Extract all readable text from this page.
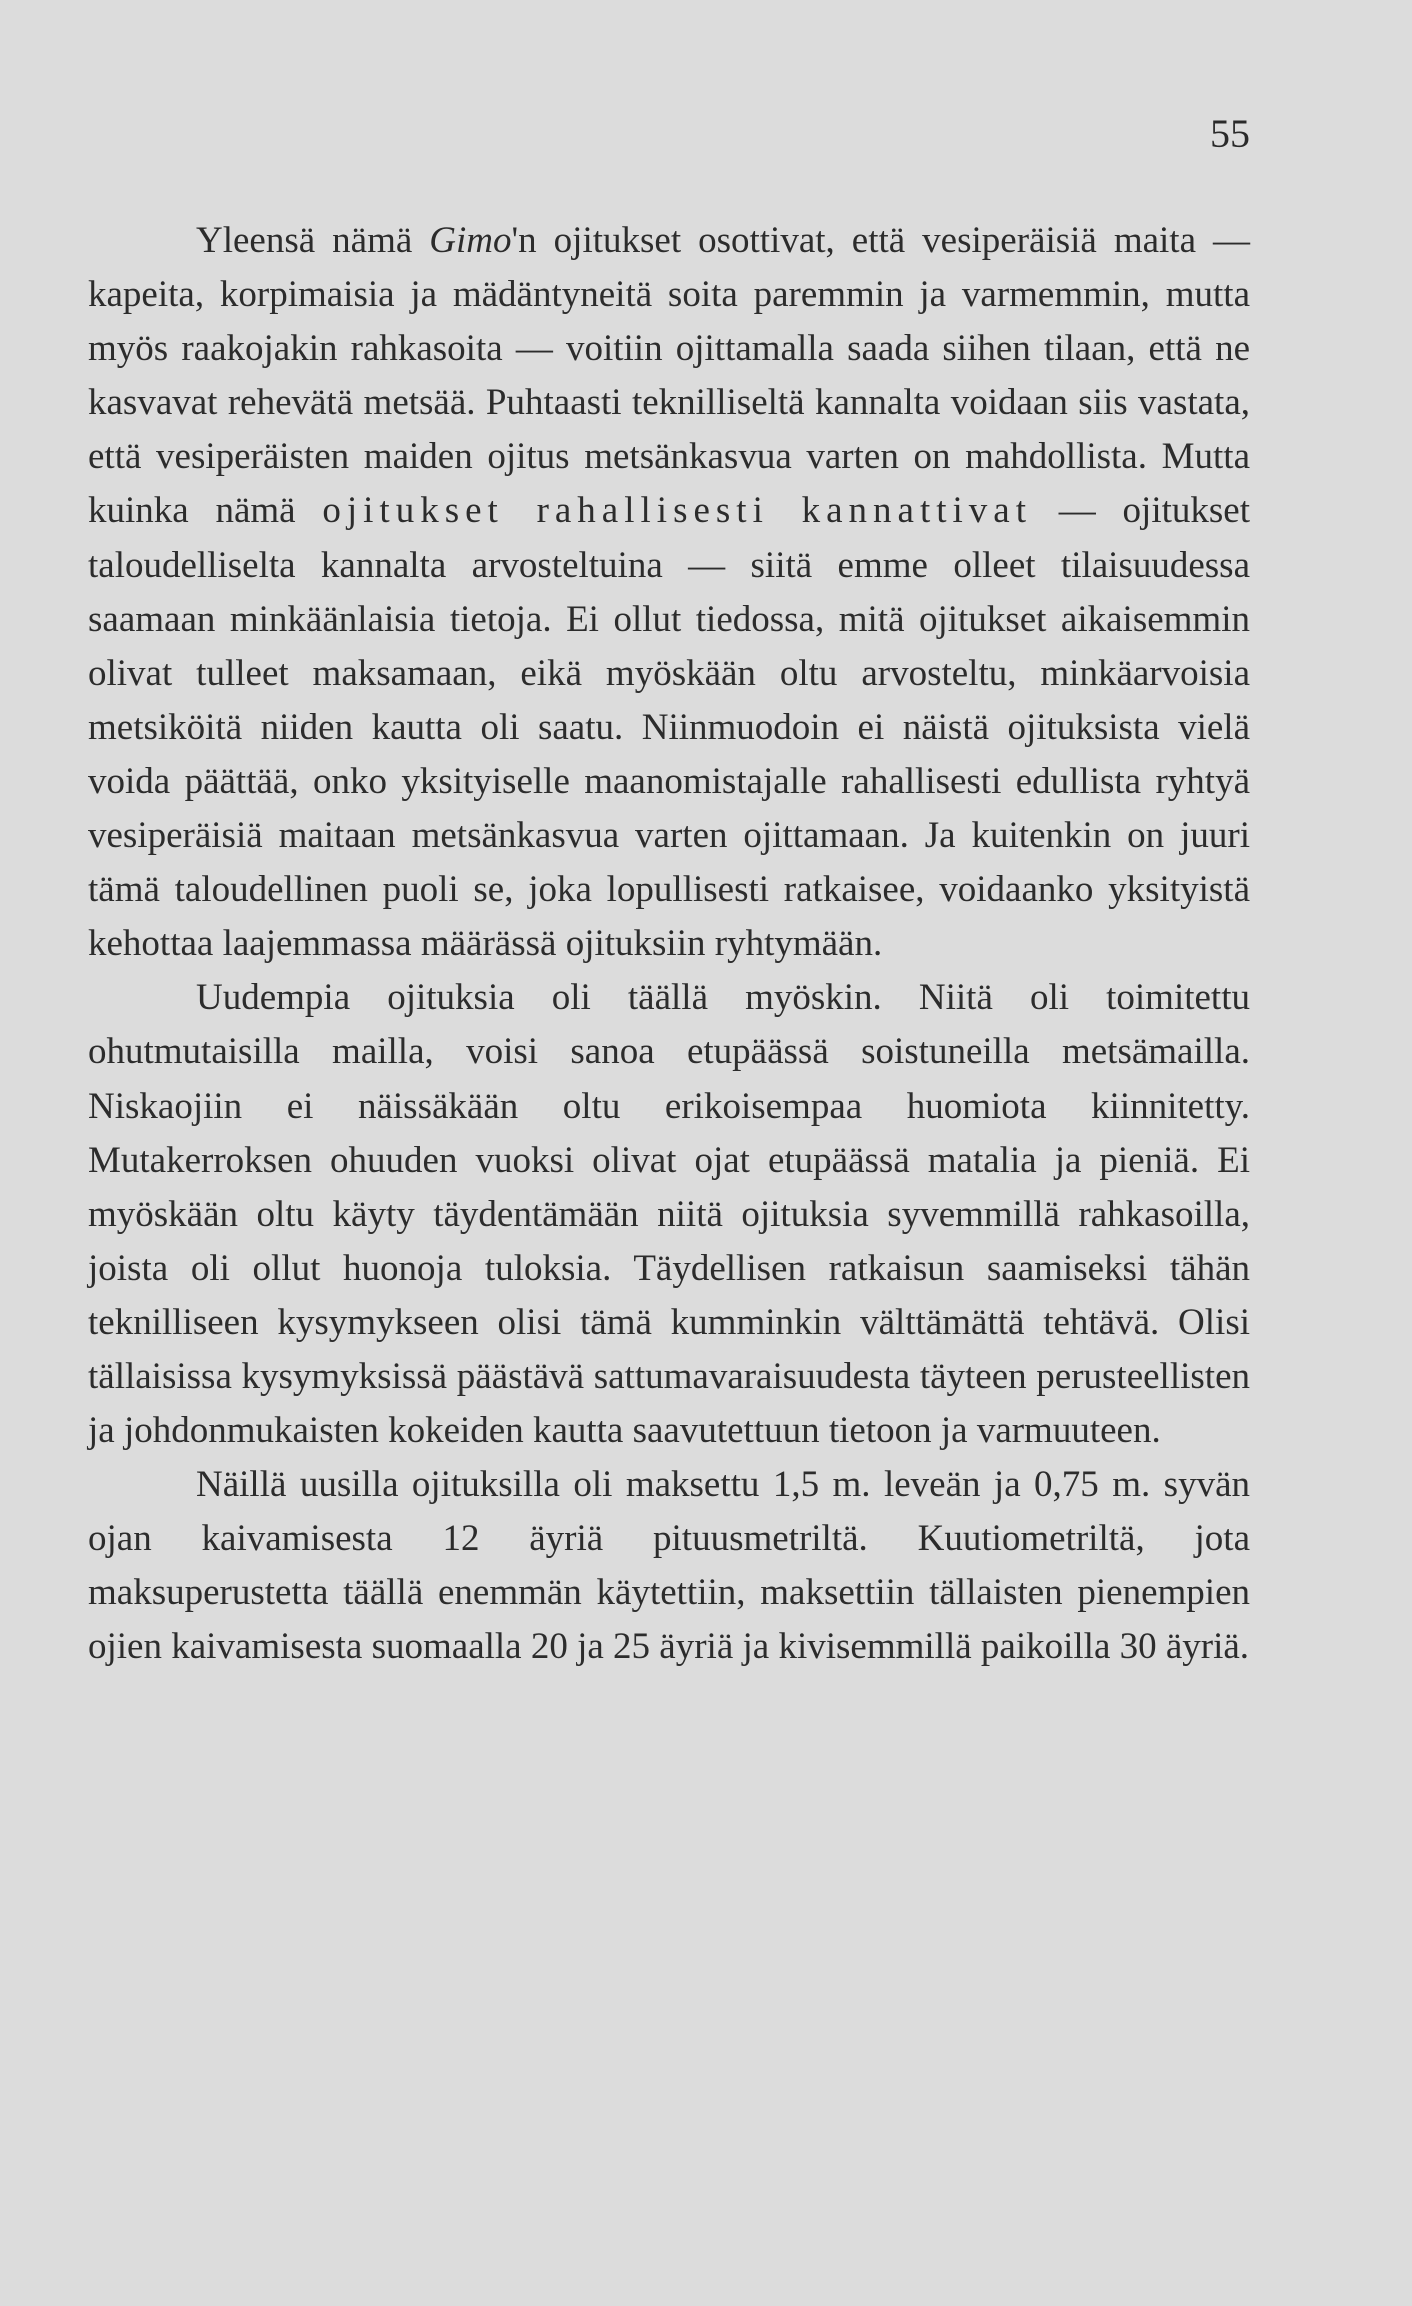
55

Yleensä nämä Gimo'n ojitukset osottivat, että vesiperäisiä maita — kapeita, korpimaisia ja mädäntyneitä soita paremmin ja varmemmin, mutta myös raakojakin rahkasoita — voitiin ojittamalla saada siihen tilaan, että ne kasvavat rehevätä metsää. Puhtaasti teknilliseltä kannalta voidaan siis vastata, että vesiperäisten maiden ojitus metsänkasvua varten on mahdollista. Mutta kuinka nämä ojitukset rahallisesti kannattivat — ojitukset taloudelliselta kannalta arvosteltuina — siitä emme olleet tilaisuudessa saamaan minkäänlaisia tietoja. Ei ollut tiedossa, mitä ojitukset aikaisemmin olivat tulleet maksamaan, eikä myöskään oltu arvosteltu, minkäarvoisia metsiköitä niiden kautta oli saatu. Niinmuodoin ei näistä ojituksista vielä voida päättää, onko yksityiselle maanomistajalle rahallisesti edullista ryhtyä vesiperäisiä maitaan metsänkasvua varten ojittamaan. Ja kuitenkin on juuri tämä taloudellinen puoli se, joka lopullisesti ratkaisee, voidaanko yksityistä kehottaa laajemmassa määrässä ojituksiin ryhtymään.

Uudempia ojituksia oli täällä myöskin. Niitä oli toimitettu ohutmutaisilla mailla, voisi sanoa etupäässä soistuneilla metsämailla. Niskaojiin ei näissäkään oltu erikoisempaa huomiota kiinnitetty. Mutakerroksen ohuuden vuoksi olivat ojat etupäässä matalia ja pieniä. Ei myöskään oltu käyty täydentämään niitä ojituksia syvemmillä rahkasoilla, joista oli ollut huonoja tuloksia. Täydellisen ratkaisun saamiseksi tähän teknilliseen kysymykseen olisi tämä kumminkin välttämättä tehtävä. Olisi tällaisissa kysymyksissä päästävä sattumavaraisuudesta täyteen perusteellisten ja johdonmukaisten kokeiden kautta saavutettuun tietoon ja varmuuteen.

Näillä uusilla ojituksilla oli maksettu 1,5 m. leveän ja 0,75 m. syvän ojan kaivamisesta 12 äyriä pituusmetriltä. Kuutiometriltä, jota maksuperustetta täällä enemmän käytettiin, maksettiin tällaisten pienempien ojien kaivamisesta suomaalla 20 ja 25 äyriä ja kivisemmillä paikoilla 30 äyriä.
